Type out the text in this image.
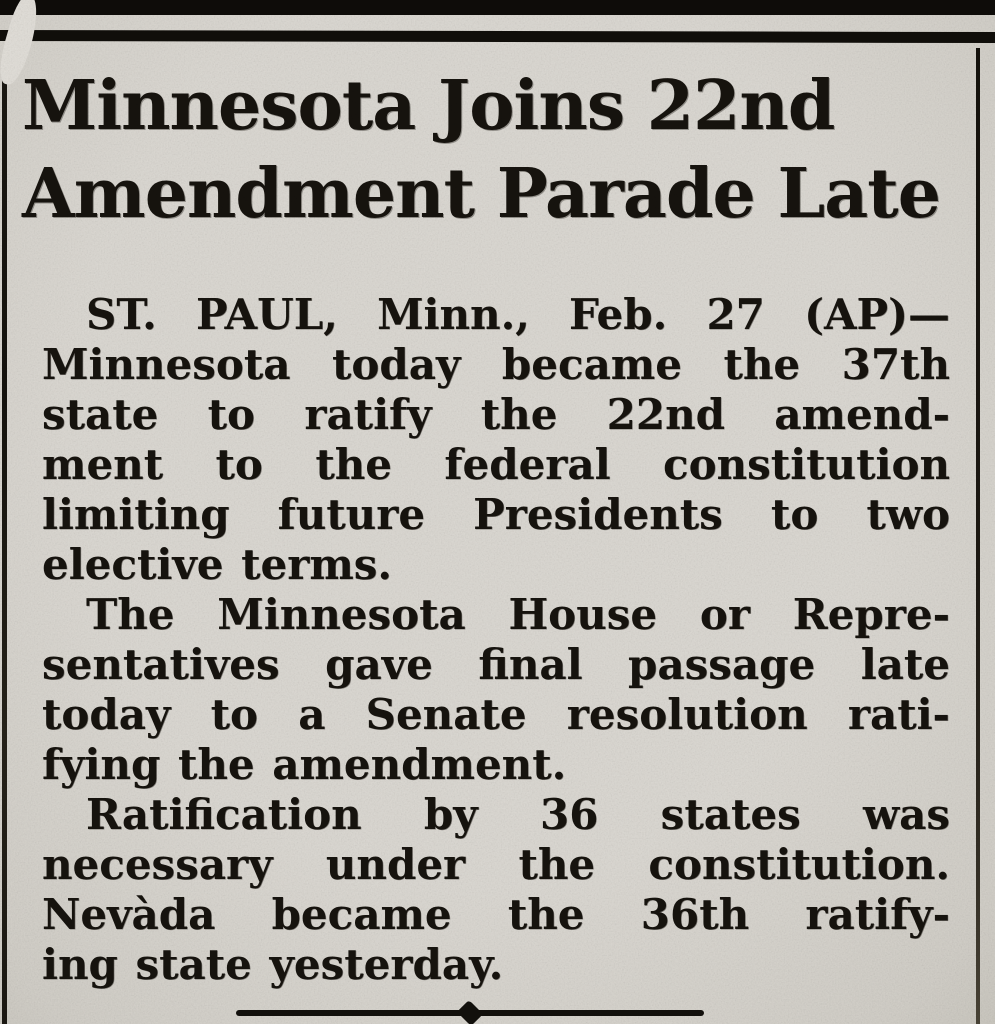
Minnesota Joins 22nd
Amendment Parade Late
ST. PAUL, Minn., Feb. 27 (AP)—
Minnesota today became the 37th
state to ratify the 22nd amend-
ment to the federal constitution
limiting future Presidents to two
elective terms.
The Minnesota House or Repre-
sentatives gave final passage late
today to a Senate resolution rati-
fying the amendment.
Ratification by 36 states was
necessary under the constitution.
Nevàda became the 36th ratify-
ing state yesterday.
